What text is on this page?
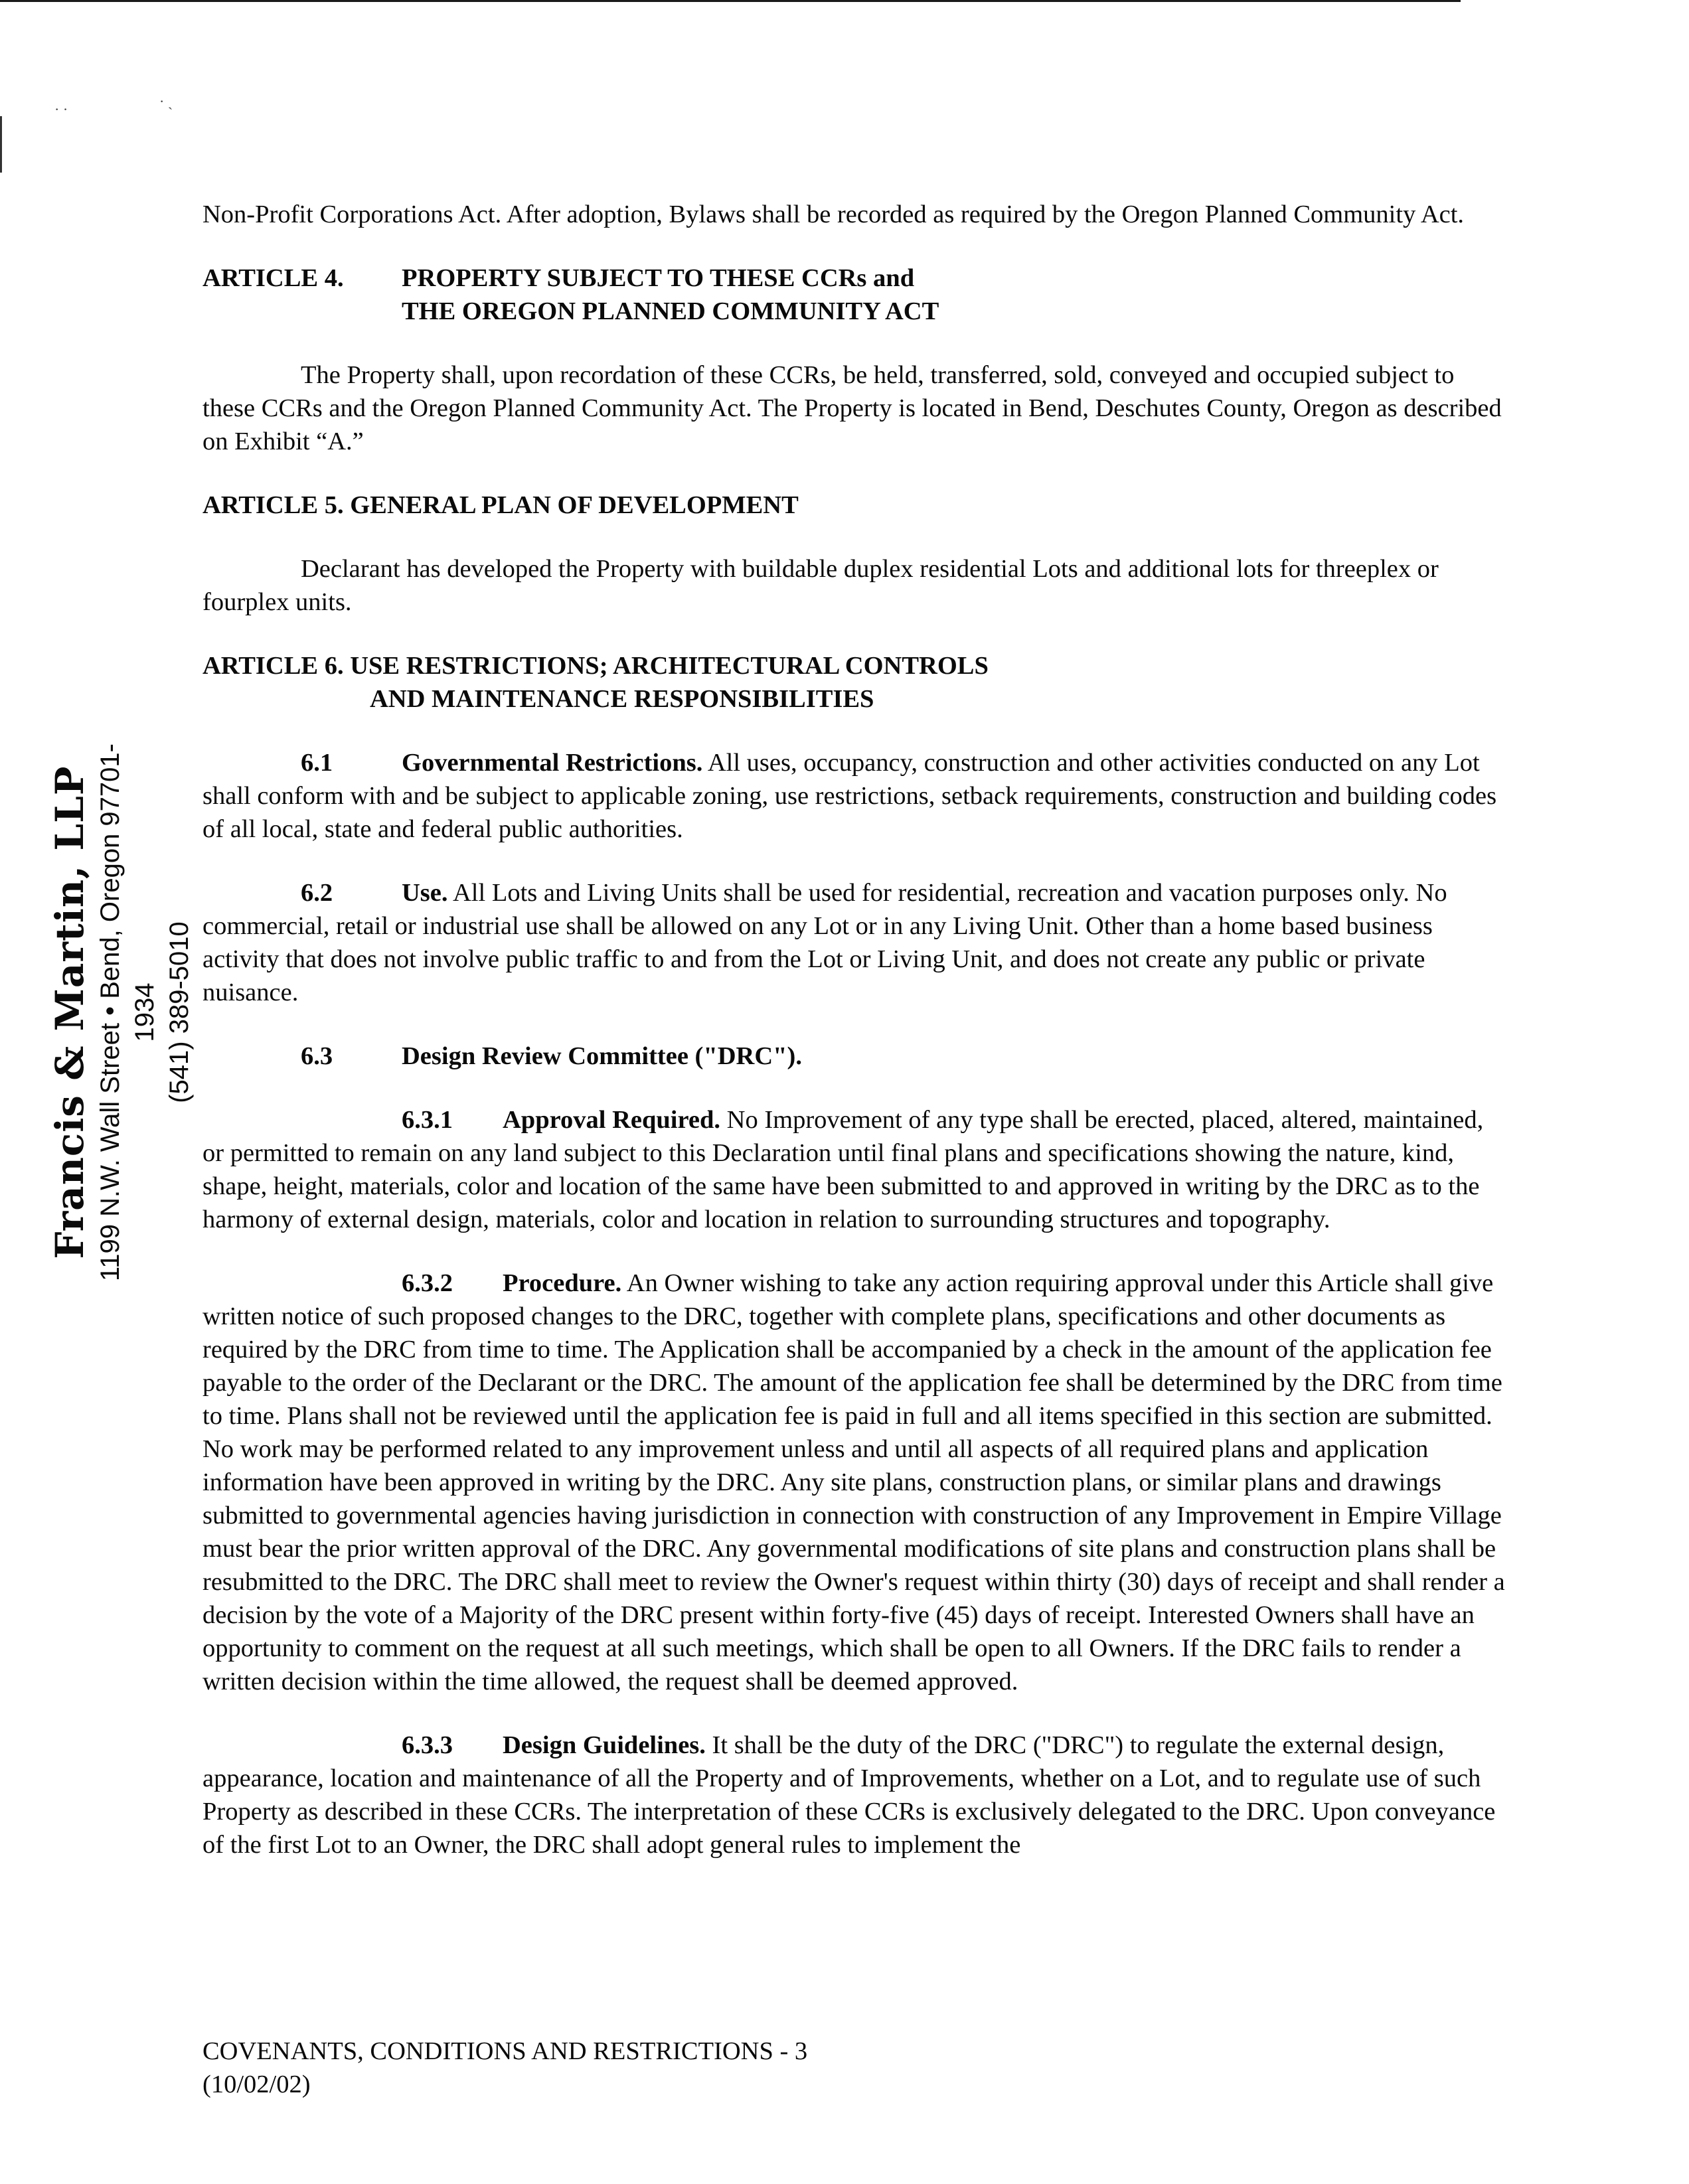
· ·	· ˎ
Francis & Martin, LLP 1199 N.W. Wall Street • Bend, Oregon 97701-1934 (541) 389-5010

Non-Profit Corporations Act. After adoption, Bylaws shall be recorded as required by the Oregon Planned Community Act.

ARTICLE 4.	PROPERTY SUBJECT TO THESE CCRs and
THE OREGON PLANNED COMMUNITY ACT

The Property shall, upon recordation of these CCRs, be held, transferred, sold, conveyed and occupied subject to these CCRs and the Oregon Planned Community Act. The Property is located in Bend, Deschutes County, Oregon as described on Exhibit “A.”

ARTICLE 5. GENERAL PLAN OF DEVELOPMENT

Declarant has developed the Property with buildable duplex residential Lots and additional lots for threeplex or fourplex units.

ARTICLE 6. USE RESTRICTIONS; ARCHITECTURAL CONTROLS
AND MAINTENANCE RESPONSIBILITIES

6.1	Governmental Restrictions. All uses, occupancy, construction and other activities conducted on any Lot shall conform with and be subject to applicable zoning, use restrictions, setback requirements, construction and building codes of all local, state and federal public authorities.

6.2	Use. All Lots and Living Units shall be used for residential, recreation and vacation purposes only. No commercial, retail or industrial use shall be allowed on any Lot or in any Living Unit. Other than a home based business activity that does not involve public traffic to and from the Lot or Living Unit, and does not create any public or private nuisance.

6.3	Design Review Committee ("DRC").

6.3.1 Approval Required. No Improvement of any type shall be erected, placed, altered, maintained, or permitted to remain on any land subject to this Declaration until final plans and specifications showing the nature, kind, shape, height, materials, color and location of the same have been submitted to and approved in writing by the DRC as to the harmony of external design, materials, color and location in relation to surrounding structures and topography.

6.3.2 Procedure. An Owner wishing to take any action requiring approval under this Article shall give written notice of such proposed changes to the DRC, together with complete plans, specifications and other documents as required by the DRC from time to time. The Application shall be accompanied by a check in the amount of the application fee payable to the order of the Declarant or the DRC. The amount of the application fee shall be determined by the DRC from time to time. Plans shall not be reviewed until the application fee is paid in full and all items specified in this section are submitted. No work may be performed related to any improvement unless and until all aspects of all required plans and application information have been approved in writing by the DRC. Any site plans, construction plans, or similar plans and drawings submitted to governmental agencies having jurisdiction in connection with construction of any Improvement in Empire Village must bear the prior written approval of the DRC. Any governmental modifications of site plans and construction plans shall be resubmitted to the DRC. The DRC shall meet to review the Owner's request within thirty (30) days of receipt and shall render a decision by the vote of a Majority of the DRC present within forty-five (45) days of receipt. Interested Owners shall have an opportunity to comment on the request at all such meetings, which shall be open to all Owners. If the DRC fails to render a written decision within the time allowed, the request shall be deemed approved.

6.3.3 Design Guidelines. It shall be the duty of the DRC ("DRC") to regulate the external design, appearance, location and maintenance of all the Property and of Improvements, whether on a Lot, and to regulate use of such Property as described in these CCRs. The interpretation of these CCRs is exclusively delegated to the DRC. Upon conveyance of the first Lot to an Owner, the DRC shall adopt general rules to implement the

COVENANTS, CONDITIONS AND RESTRICTIONS - 3
(10/02/02)
